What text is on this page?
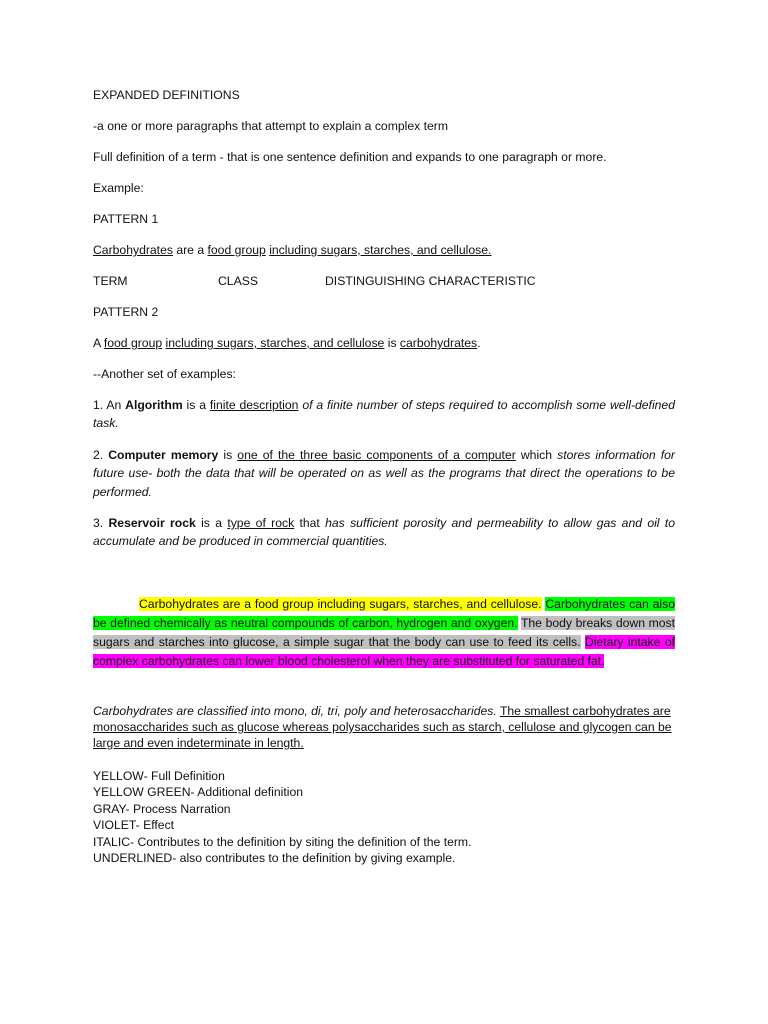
EXPANDED DEFINITIONS

-a one or more paragraphs that attempt to explain a complex term

Full definition of a term - that is one sentence definition and expands to one paragraph or more.

Example:

PATTERN 1

Carbohydrates are a food group including sugars, starches, and cellulose.

TERM	CLASS	DISTINGUISHING CHARACTERISTIC

PATTERN 2

A food group including sugars, starches, and cellulose is carbohydrates.

--Another set of examples:

1. An Algorithm is a finite description of a finite number of steps required to accomplish some well-defined task.

2. Computer memory is one of the three basic components of a computer which stores information for future use- both the data that will be operated on as well as the programs that direct the operations to be performed.

3. Reservoir rock is a type of rock that has sufficient porosity and permeability to allow gas and oil to accumulate and be produced in commercial quantities.

Carbohydrates are a food group including sugars, starches, and cellulose. Carbohydrates can also be defined chemically as neutral compounds of carbon, hydrogen and oxygen. The body breaks down most sugars and starches into glucose, a simple sugar that the body can use to feed its cells. Dietary intake of complex carbohydrates can lower blood cholesterol when they are substituted for saturated fat.

Carbohydrates are classified into mono, di, tri, poly and heterosaccharides. The smallest carbohydrates are monosaccharides such as glucose whereas polysaccharides such as starch, cellulose and glycogen can be large and even indeterminate in length.

YELLOW- Full Definition
YELLOW GREEN- Additional definition
GRAY- Process Narration
VIOLET- Effect
ITALIC- Contributes to the definition by siting the definition of the term.
UNDERLINED- also contributes to the definition by giving example.
